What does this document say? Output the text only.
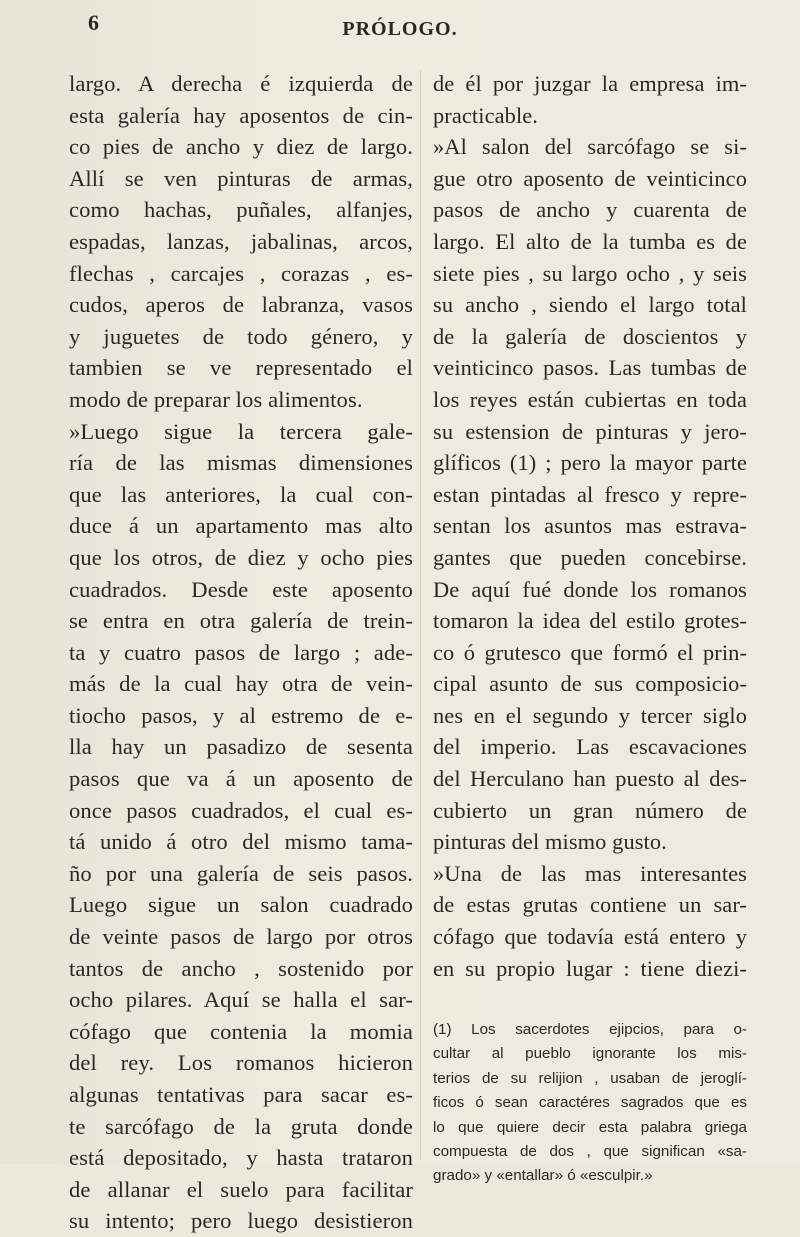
6	PRÓLOGO.
largo. A derecha é izquierda de
esta galería hay aposentos de cin-
co pies de ancho y diez de largo.
Allí se ven pinturas de armas,
como hachas, puñales, alfanjes,
espadas, lanzas, jabalinas, arcos,
flechas , carcajes , corazas , es-
cudos, aperos de labranza, vasos
y juguetes de todo género, y
tambien se ve representado el
modo de preparar los alimentos.
»Luego sigue la tercera gale-
ría de las mismas dimensiones
que las anteriores, la cual con-
duce á un apartamento mas alto
que los otros, de diez y ocho pies
cuadrados. Desde este aposento
se entra en otra galería de trein-
ta y cuatro pasos de largo ; ade-
más de la cual hay otra de vein-
tiocho pasos, y al estremo de e-
lla hay un pasadizo de sesenta
pasos que va á un aposento de
once pasos cuadrados, el cual es-
tá unido á otro del mismo tama-
ño por una galería de seis pasos.
Luego sigue un salon cuadrado
de veinte pasos de largo por otros
tantos de ancho , sostenido por
ocho pilares. Aquí se halla el sar-
cófago que contenia la momia
del rey. Los romanos hicieron
algunas tentativas para sacar es-
te sarcófago de la gruta donde
está depositado, y hasta trataron
de allanar el suelo para facilitar
su intento; pero luego desistieron
de él por juzgar la empresa im-
practicable.
»Al salon del sarcófago se si-
gue otro aposento de veinticinco
pasos de ancho y cuarenta de
largo. El alto de la tumba es de
siete pies , su largo ocho , y seis
su ancho , siendo el largo total
de la galería de doscientos y
veinticinco pasos. Las tumbas de
los reyes están cubiertas en toda
su estension de pinturas y jero-
glíficos (1) ; pero la mayor parte
estan pintadas al fresco y repre-
sentan los asuntos mas estrava-
gantes que pueden concebirse.
De aquí fué donde los romanos
tomaron la idea del estilo grotes-
co ó grutesco que formó el prin-
cipal asunto de sus composicio-
nes en el segundo y tercer siglo
del imperio. Las escavaciones
del Herculano han puesto al des-
cubierto un gran número de
pinturas del mismo gusto.
»Una de las mas interesantes
de estas grutas contiene un sar-
cófago que todavía está entero y
en su propio lugar : tiene diezi-
(1) Los sacerdotes ejipcios, para o-
cultar al pueblo ignorante los mis-
terios de su relijion , usaban de jeroglí-
ficos ó sean caractéres sagrados que es
lo que quiere decir esta palabra griega
compuesta de dos , que significan «sa-
grado» y «entallar» ó «esculpir.»
